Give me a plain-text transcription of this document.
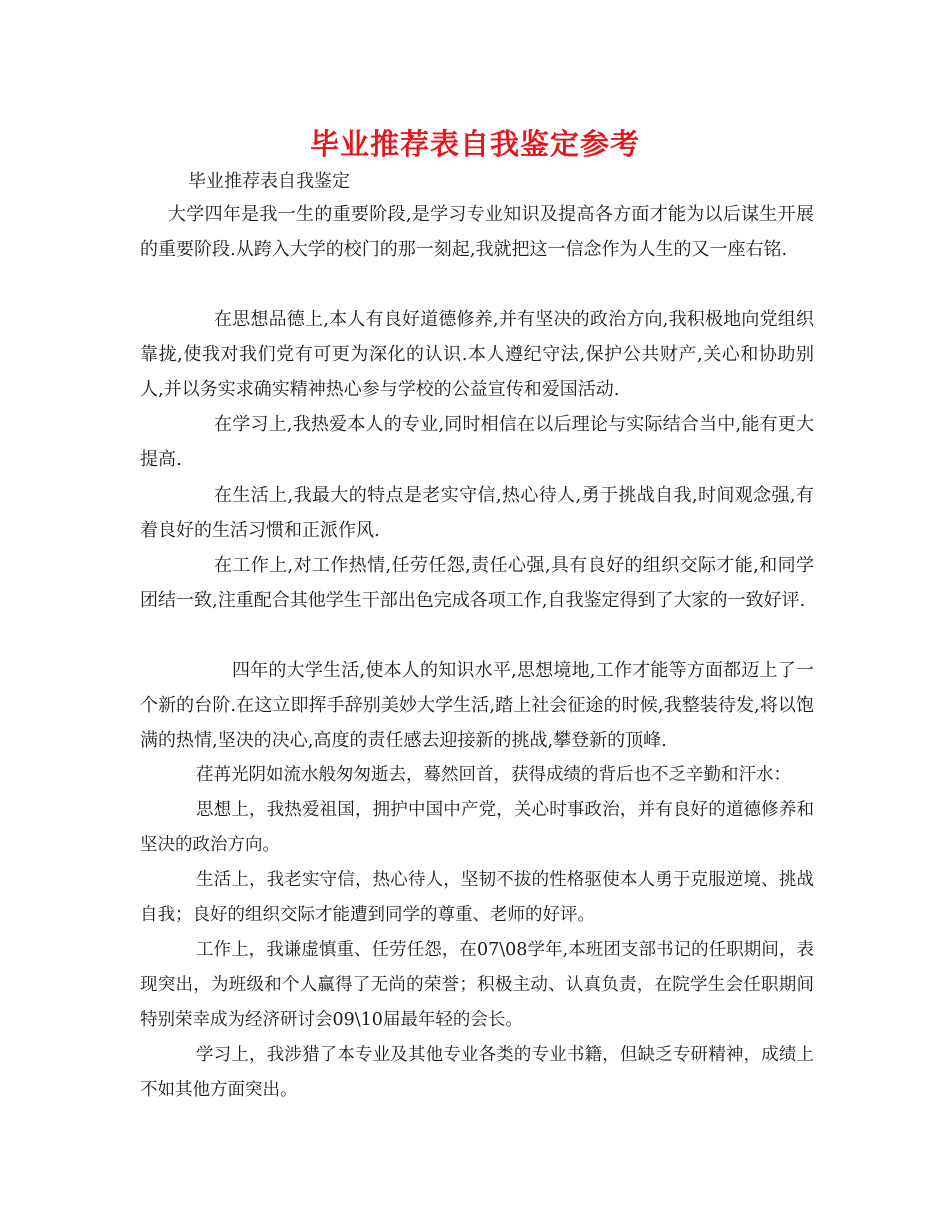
毕业推荐表自我鉴定参考
毕业推荐表自我鉴定
大学四年是我一生的重要阶段,是学习专业知识及提高各方面才能为以后谋生开展的重要阶段.从跨入大学的校门的那一刻起,我就把这一信念作为人生的又一座右铭.
在思想品德上,本人有良好道德修养,并有坚决的政治方向,我积极地向党组织靠拢,使我对我们党有可更为深化的认识.本人遵纪守法,保护公共财产,关心和协助别人,并以务实求确实精神热心参与学校的公益宣传和爱国活动.
在学习上,我热爱本人的专业,同时相信在以后理论与实际结合当中,能有更大提高.
在生活上,我最大的特点是老实守信,热心待人,勇于挑战自我,时间观念强,有着良好的生活习惯和正派作风.
在工作上,对工作热情,任劳任怨,责任心强,具有良好的组织交际才能,和同学团结一致,注重配合其他学生干部出色完成各项工作,自我鉴定得到了大家的一致好评.
四年的大学生活,使本人的知识水平,思想境地,工作才能等方面都迈上了一个新的台阶.在这立即挥手辞别美妙大学生活,踏上社会征途的时候,我整装待发,将以饱满的热情,坚决的决心,高度的责任感去迎接新的挑战,攀登新的顶峰.
荏苒光阴如流水般匆匆逝去，蓦然回首，获得成绩的背后也不乏辛勤和汗水：
思想上，我热爱祖国，拥护中国中产党，关心时事政治，并有良好的道德修养和坚决的政治方向。
生活上，我老实守信，热心待人，坚韧不拔的性格驱使本人勇于克服逆境、挑战自我；良好的组织交际才能遭到同学的尊重、老师的好评。
工作上，我谦虚慎重、任劳任怨，在07\08学年,本班团支部书记的任职期间，表现突出，为班级和个人赢得了无尚的荣誉；积极主动、认真负责，在院学生会任职期间特别荣幸成为经济研讨会09\10届最年轻的会长。
学习上，我涉猎了本专业及其他专业各类的专业书籍，但缺乏专研精神，成绩上不如其他方面突出。
